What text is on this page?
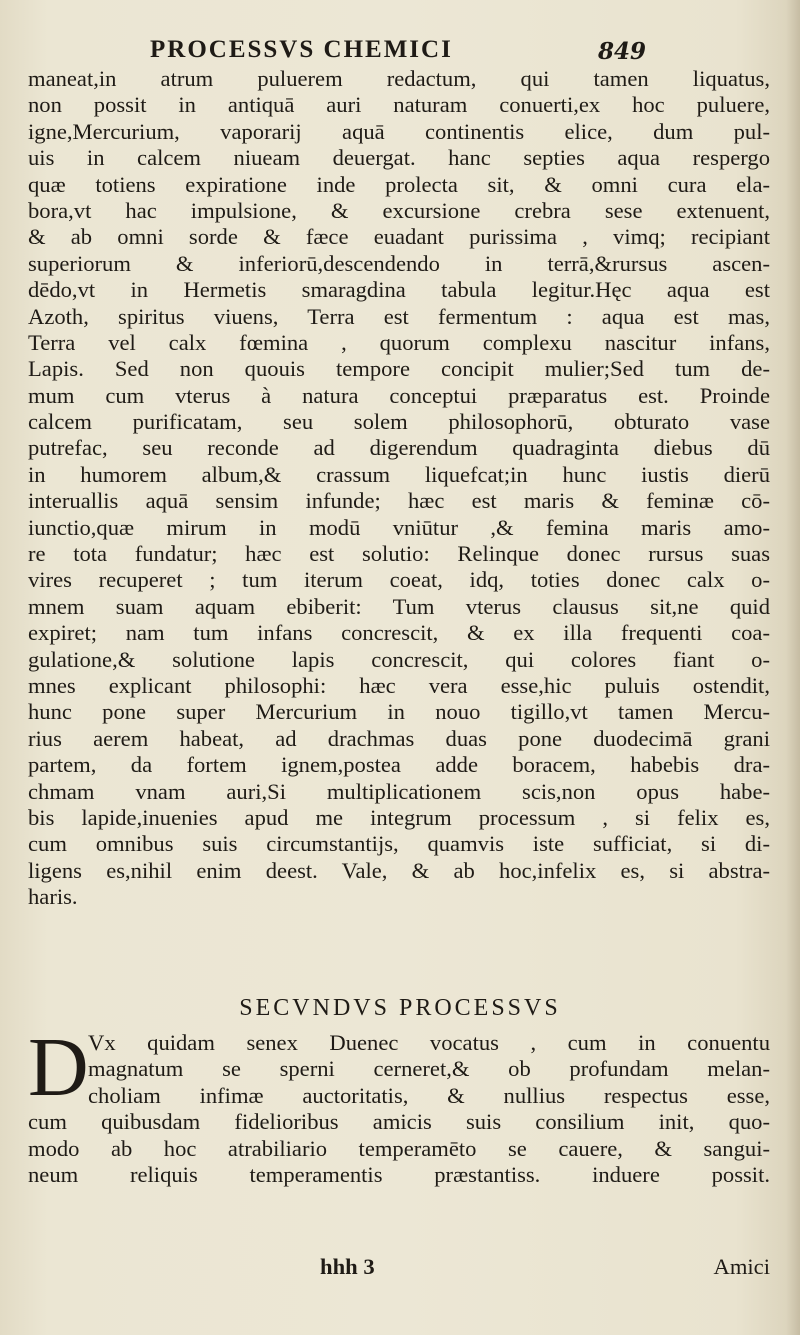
PROCESSVS CHEMICI	849
maneat,in atrum puluerem redactum, qui tamen liquatus,
non possit in antiquā auri naturam conuerti,ex hoc puluere,
igne,Mercurium, vaporarij aquā continentis elice, dum pul-
uis in calcem niueam deuergat. hanc septies aqua respergo
quæ totiens expiratione inde prolecta sit, & omni cura ela-
bora,vt hac impulsione, & excursione crebra sese extenuent,
& ab omni sorde & fæce euadant purissima , vimq; recipiant
superiorum & inferiorū,descendendo in terrā,&rursus ascen-
dēdo,vt in Hermetis smaragdina tabula legitur.Hęc aqua est
Azoth, spiritus viuens, Terra est fermentum : aqua est mas,
Terra vel calx fœmina , quorum complexu nascitur infans,
Lapis. Sed non quouis tempore concipit mulier;Sed tum de-
mum cum vterus à natura conceptui præparatus est. Proinde
calcem purificatam, seu solem philosophorū, obturato vase
putrefac, seu reconde ad digerendum quadraginta diebus dū
in humorem album,& crassum liquefcat;in hunc iustis dierū
interuallis aquā sensim infunde; hæc est maris & feminæ cō-
iunctio,quæ mirum in modū vniūtur ,& femina maris amo-
re tota fundatur; hæc est solutio: Relinque donec rursus suas
vires recuperet ; tum iterum coeat, idq, toties donec calx o-
mnem suam aquam ebiberit: Tum vterus clausus sit,ne quid
expiret; nam tum infans concrescit, & ex illa frequenti coa-
gulatione,& solutione lapis concrescit, qui colores fiant o-
mnes explicant philosophi: hæc vera esse,hic puluis ostendit,
hunc pone super Mercurium in nouo tigillo,vt tamen Mercu-
rius aerem habeat, ad drachmas duas pone duodecimā grani
partem, da fortem ignem,postea adde boracem, habebis dra-
chmam vnam auri,Si multiplicationem scis,non opus habe-
bis lapide,inuenies apud me integrum processum , si felix es,
cum omnibus suis circumstantijs, quamvis iste sufficiat, si di-
ligens es,nihil enim deest. Vale, & ab hoc,infelix es, si abstra-
haris.
SECVNDVS PROCESSVS
D Vx quidam senex Duenec vocatus , cum in conuentu
magnatum se sperni cerneret,& ob profundam melan-
choliam infimæ auctoritatis, & nullius respectus esse,
cum quibusdam fidelioribus amicis suis consilium init, quo-
modo ab hoc atrabiliario temperamēto se cauere, & sangui-
neum reliquis temperamentis præstantiss. induere possit.
hhh 3	Amici
